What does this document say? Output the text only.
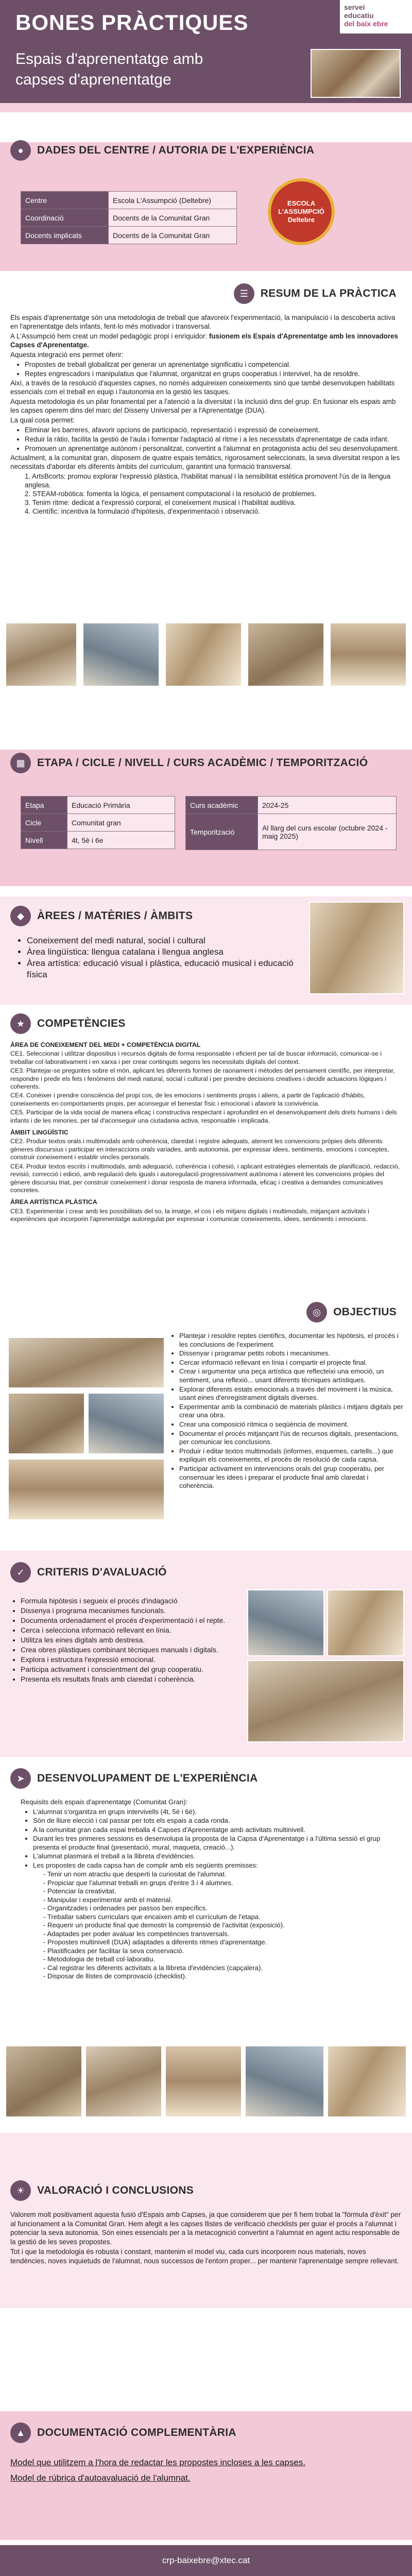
BONES PRÀCTIQUES
Espais d'aprenentatge amb capses d'aprenentatge
servei
educatiu
del baix ebre
●	DADES DEL CENTRE / AUTORIA DE L'EXPERIÈNCIA
Centre	Escola L'Assumpció (Deltebre)
Coordinació	Docents de la Comunitat Gran
Docents implicats	Docents de la Comunitat Gran
ESCOLA L'ASSUMPCIÓ Deltebre
☰	RESUM DE LA PRÀCTICA

Els espais d'aprenentatge són una metodologia de treball que afavoreix l'experimentació, la manipulació i la descoberta activa en l'aprenentatge dels infants, fent-lo més motivador i transversal.

A L'Assumpció hem creat un model pedagògic propi i enriquidor: fusionem els Espais d'Aprenentatge amb les innovadores Capses d'Aprenentatge.

Aquesta integració ens permet oferir:

• Propostes de treball globalitzat per generar un aprenentatge significatiu i competencial.
• Reptes engrescadors i manipulatius que l'alumnat, organitzat en grups cooperatius i intervivel, ha de resoldre.

Així, a través de la resolució d'aquestes capses, no només adquireixen coneixements sinó que també desenvolupen habilitats essencials com el treball en equip i l'autonomia en la gestió les tasques.

Aquesta metodologia és un pilar fonamental per a l'atenció a la diversitat i la inclusió dins del grup. En fusionar els espais amb les capses operem dins del marc del Disseny Universal per a l'Aprenentatge (DUA).

La qual cosa permet:

• Eliminar les barreres, afavorir opcions de participació, representació i expressió de coneixement.
• Reduir la ràtio, facilita la gestió de l'aula i fomentar l'adaptació al ritme i a les necessitats d'aprenentatge de cada infant.
• Promouen un aprenentatge autònom i personalitzat, convertint a l'alumnat en protagonista actiu del seu desenvolupament.

Actualment, a la comunitat gran, disposem de quatre espais temàtics, rigorosament seleccionats, la seva diversitat respon a les necessitats d'abordar els diferents àmbits del currículum, garantint una formació transversal.

1. ArtsBcorts: promou explorar l'expressió plàstica, l'habilitat manual i la sensibilitat estètica promovent l'ús de la llengua anglesa.
2. STEAM-robòtica: fomenta la lògica, el pensament computacional i la resolució de problemes.
3. Tenim ritme: dedicat a l'expressió corporal, el coneixement musical i l'habilitat auditiva.
4. Científic: incentiva la formulació d'hipòtesis, d'experimentació i observació.
▦	ETAPA / CICLE / NIVELL / CURS ACADÈMIC / TEMPORITZACIÓ
Etapa	Educació Primària
Cicle	Comunitat gran
Nivell	4t, 5è i 6e
Curs acadèmic	2024-25
Temporització	Al llarg del curs escolar (octubre 2024 - maig 2025)
◆	ÀREES / MATÈRIES / ÀMBITS
• Coneixement del medi natural, social i cultural
• Àrea lingüística: llengua catalana i llengua anglesa
• Àrea artística: educació visual i plàstica, educació musical i educació física
★	COMPETÈNCIES

ÀREA DE CONEIXEMENT DEL MEDI + COMPETÈNCIA DIGITAL

CE1. Seleccionar i utilitzar dispositius i recursos digitals de forma responsable i eficient per tal de buscar informació, comunicar-se i treballar col·laborativament i en xarxa i per crear continguts segons les necessitats digitals del context.

CE3. Plantejar-se preguntes sobre el món, aplicant les diferents formes de raonament i mètodes del pensament científic, per interpretar, respondre i predir els fets i fenòmens del medi natural, social i cultural i per prendre decisions creatives i decidir actuacions lògiques i coherents.

CE4. Conèixer i prendre consciència del propi cos, de les emocions i sentiments propis i aliens, a partir de l'aplicació d'hàbits, coneixements en comportaments propis, per aconseguir el benestar físic i emocional i afavorir la convivència.

CE5. Participar de la vida social de manera eficaç i constructiva respectant i aprofundint en el desenvolupament dels drets humans i dels infants i de les minories, per tal d'aconseguir una ciutadania activa, responsable i implicada.

ÀMBIT LINGÜÍSTIC

CE2. Produir textos orals i multimodals amb coherència, claredat i registre adequats, atenent les convencions pròpies dels diferents gèneres discursius i participar en interaccions orals variades, amb autonomia, per expressar idees, sentiments, emocions i conceptes, construir coneixement i establir vincles personals.

CE4. Produir textos escrits i multimodals, amb adequació, coherència i cohesió, i aplicant estratègies elementals de planificació, redacció, revisió, correcció i edició, amb regulació dels iguals i autoregulació progressivament autònoma i atenent les convencions pròpies del gènere discursiu triat, per construir coneixement i donar resposta de manera informada, eficaç i creativa a demandes comunicatives concretes.

ÀREA ARTÍSTICA PLÀSTICA

CE3. Experimentar i crear amb les possibilitats del so, la imatge, el cos i els mitjans digitals i multimodals, mitjançant activitats i experiències que incorporin l'aprenentatge autoregulat per expressar i comunicar coneixements, idees, sentiments i emocions.

◎	OBJECTIUS
• Plantejar i resoldre reptes científics, documentar les hipòtesis, el procés i les conclusions de l'experiment.
• Dissenyar i programar petits robots i mecanismes.
• Cercar informació rellevant en línia i compartir el projecte final.
• Crear i argumentar una peça artística que reflecteixi una emoció, un sentiment, una reflexió... usant diferents tècniques artístiques.
• Explorar diferents estats emocionals a través del moviment i la música, usant eines d'enregistrament digitals diverses.
• Experimentar amb la combinació de materials plàstics i mitjans digitals per crear una obra.
• Crear una composició rítmica o seqüència de moviment.
• Documentar el procés mitjançant l'ús de recursos digitals, presentacions, per comunicar les conclusions.
• Produir i editar textos multimodals (informes, esquemes, cartells...) que expliquin els coneixements, el procés de resolució de cada capsa.
• Participar activament en intervencions orals del grup cooperatiu, per consensuar les idees i preparar el producte final amb claredat i coherència.
✓	CRITERIS D'AVALUACIÓ
• Formula hipòtesis i segueix el procés d'indagació
• Dissenya i programa mecanismes funcionals.
• Documenta ordenadament el procés d'experimentació i el repte.
• Cerca i selecciona informació rellevant en línia.
• Utilitza les eines digitals amb destresa.
• Crea obres plàstiques combinant tècniques manuals i digitals.
• Explora i estructura l'expressió emocional.
• Participa activament i conscientment del grup cooperatiu.
• Presenta els resultats finals amb claredat i coherència.
➤	DESENVOLUPAMENT DE L'EXPERIÈNCIA

Requisits dels espais d'aprenentatge (Comunitat Gran):

• L'alumnat s'organitza en grups intervivells (4t, 5è i 6è).
• Són de lliure elecció i cal passar per tots els espais a cada ronda.
• A la comunitat gran cada espai treballa 4 Capses d'Aprenentatge amb activitats multinivell.
• Durant les tres primeres sessions es desenvolupa la proposta de la Capsa d'Aprenentatge i a l'última sessió el grup presenta el producte final (presentació, mural, maqueta, creació...).
• L'alumnat plasmarà el treball a la llibreta d'evidències.
• Les propostes de cada capsa han de complir amb els següents premisses:
- Tenir un nom atractiu que desperti la curiositat de l'alumnat.
- Propiciar que l'alumnat treballi en grups d'entre 3 i 4 alumnes.
- Potenciar la creativitat.
- Manipular i experimentar amb el material.
- Organitzades i ordenades per passos ben específics.
- Treballar sabers curriculars que encaixen amb el currículum de l'etapa.
- Requerir un producte final que demostri la comprensió de l'activitat (exposició).
- Adaptades per poder avaluar les competències transversals.
- Propostes multinivell (DUA) adaptades a diferents ritmes d'aprenentatge.
- Plastificades per facilitar la seva conservació.
- Metodologia de treball col·laboratiu.
- Cal registrar les diferents activitats a la llibreta d'evidències (capçalera).
- Disposar de llistes de comprovació (checklist).
☀	VALORACIÓ I CONCLUSIONS

Valorem molt positivament aquesta fusió d'Espais amb Capses, ja que considerem que per fi hem trobat la "fórmula d'èxit" per al funcionament a la Comunitat Gran. Hem afegit a les capses llistes de verificació checklists per guiar el procés a l'alumnat i potenciar la seva autonomia. Són eines essencials per a la metacognició convertint a l'alumnat en agent actiu responsable de la gestió de les seves propostes.

Tot i que la metodologia és robusta i constant, mantenim el model viu, cada curs incorporem nous materials, noves tendències, noves inquietuds de l'alumnat, nous successos de l'entorn proper... per mantenir l'aprenentatge sempre rellevant.

▲	DOCUMENTACIÓ COMPLEMENTÀRIA
Model que utilitzem a l'hora de redactar les propostes incloses a les capses.
Model de rúbrica d'autoavaluació de l'alumnat.
crp-baixebre@xtec.cat
